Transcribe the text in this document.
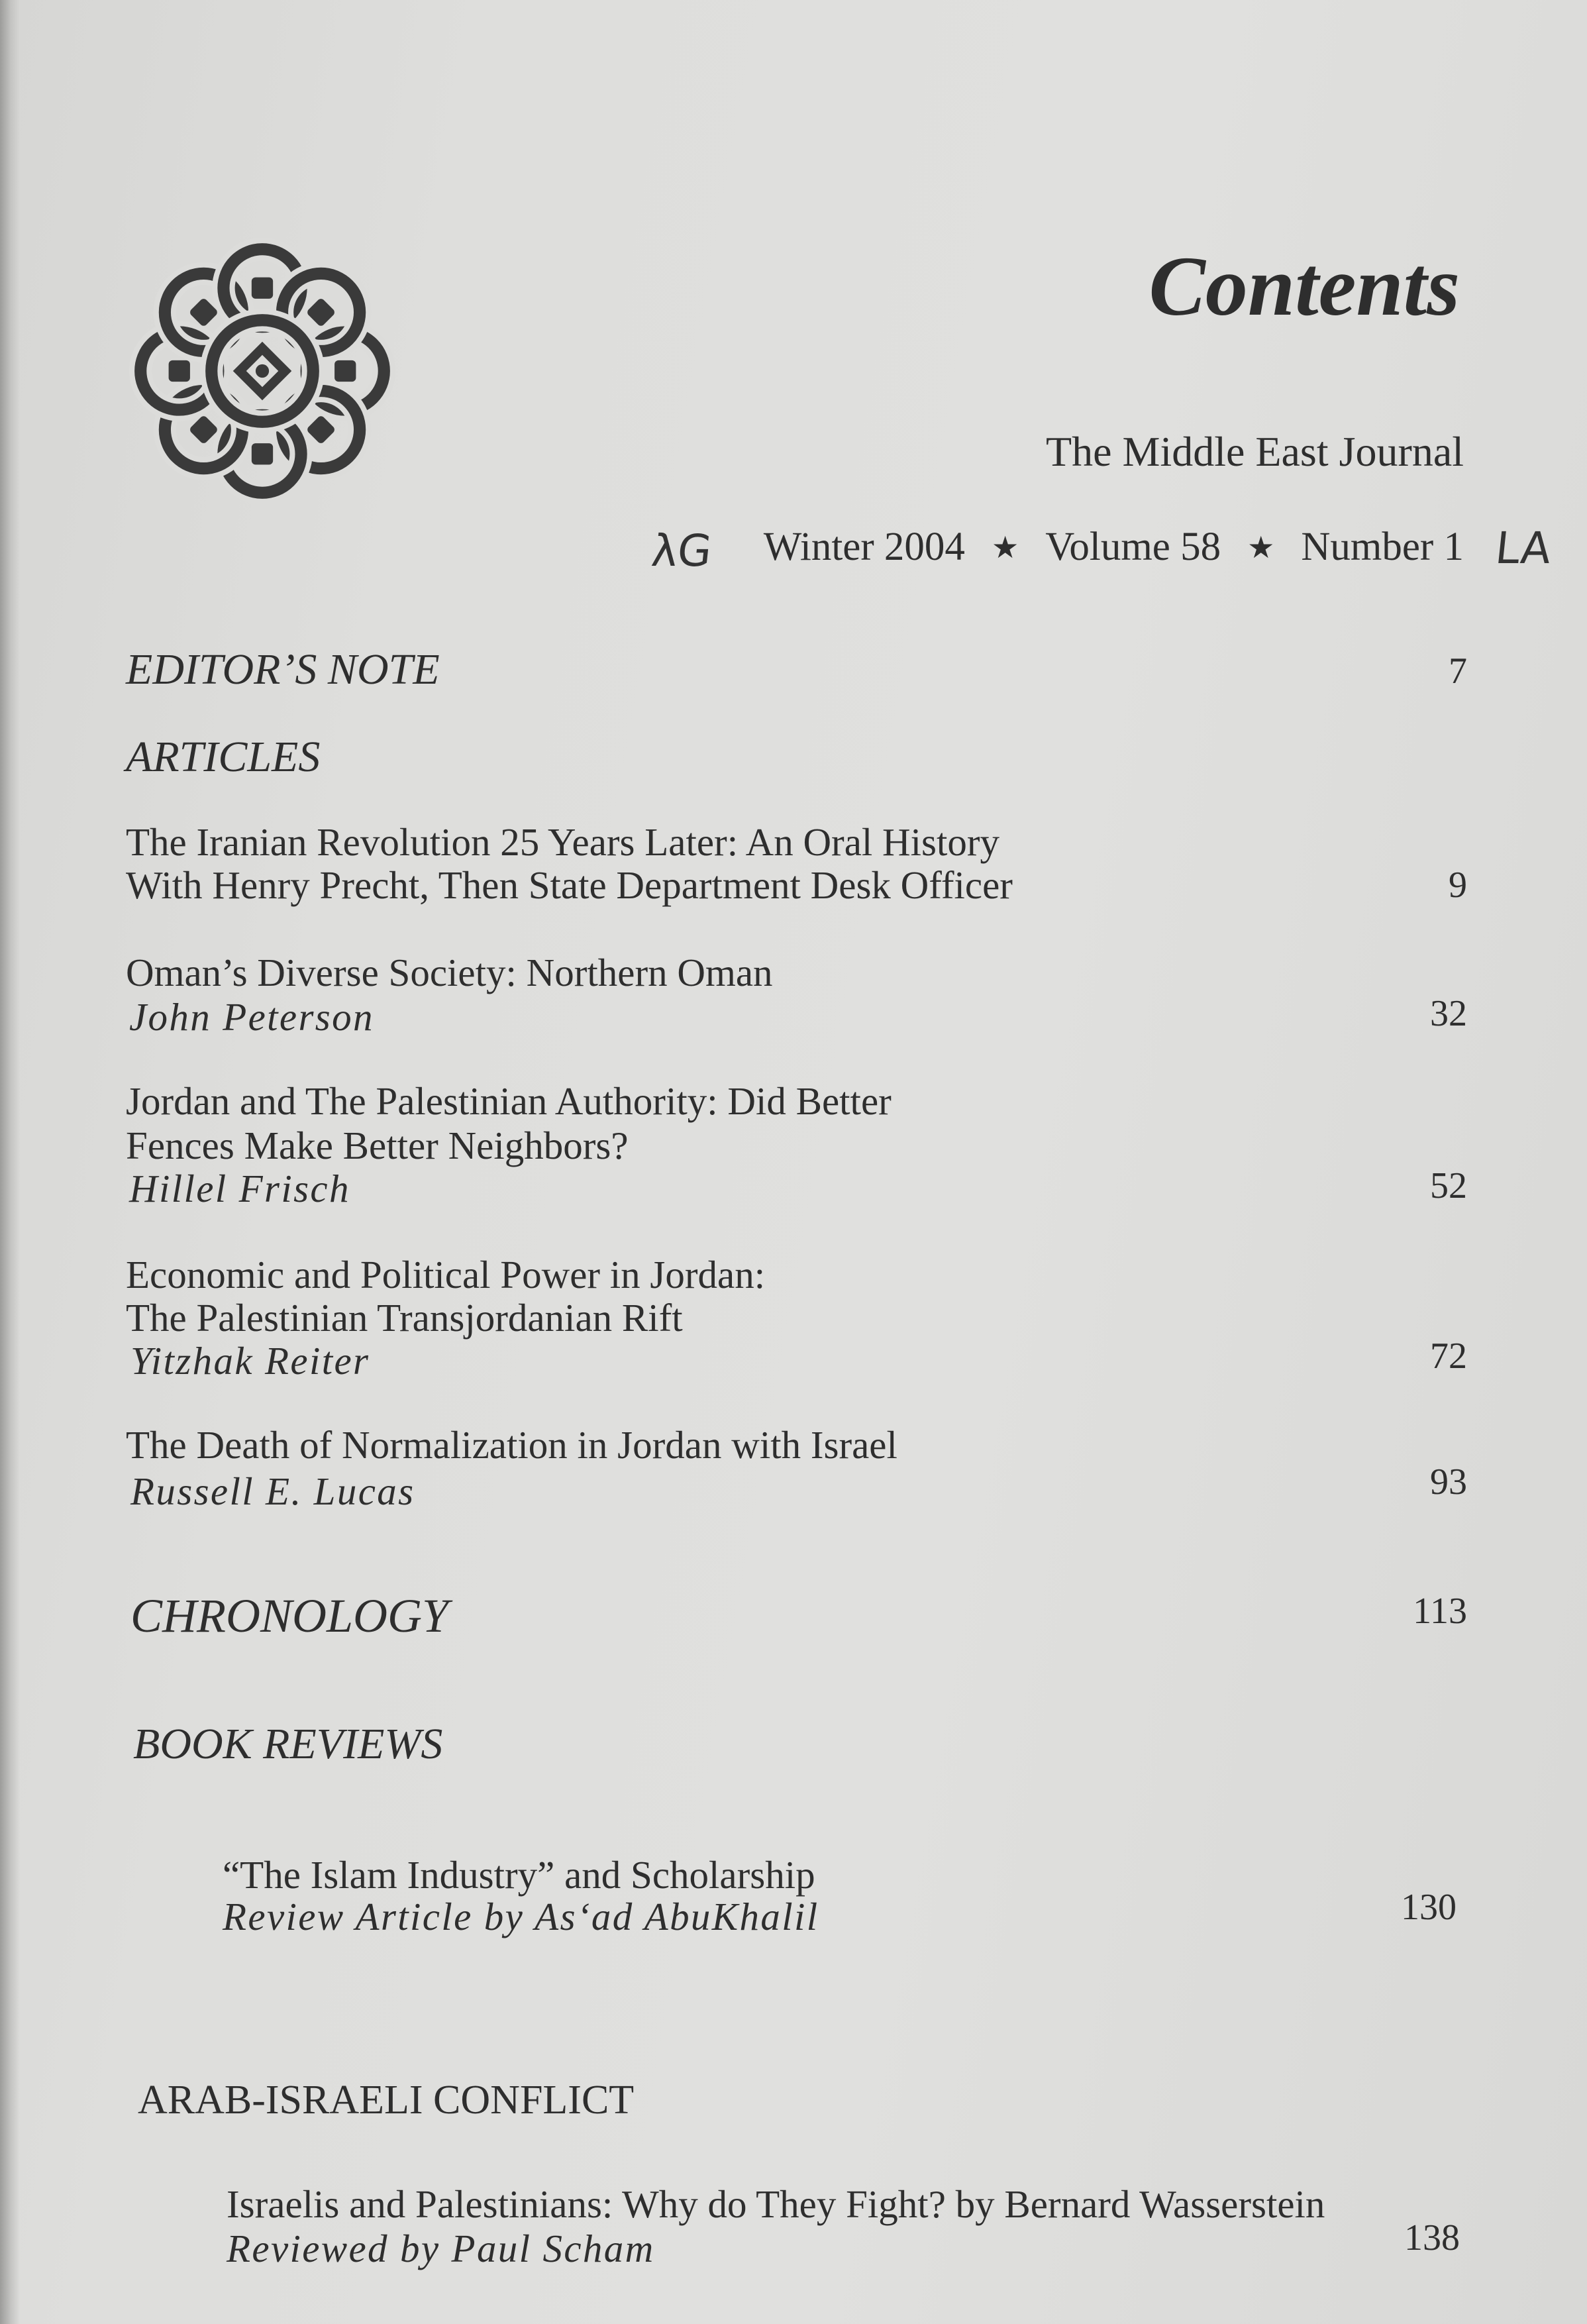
Contents
The Middle East Journal
λG Winter 2004 ★ Volume 58 ★ Number 1 LA
EDITOR’S NOTE	7
ARTICLES
The Iranian Revolution 25 Years Later: An Oral History
With Henry Precht, Then State Department Desk Officer	9
Oman’s Diverse Society: Northern Oman
John Peterson	32
Jordan and The Palestinian Authority: Did Better
Fences Make Better Neighbors?
Hillel Frisch	52
Economic and Political Power in Jordan:
The Palestinian Transjordanian Rift
Yitzhak Reiter	72
The Death of Normalization in Jordan with Israel
Russell E. Lucas	93
CHRONOLOGY	113
BOOK REVIEWS
“The Islam Industry” and Scholarship
Review Article by As‘ad AbuKhalil	130
ARAB-ISRAELI CONFLICT
Israelis and Palestinians: Why do They Fight? by Bernard Wasserstein
Reviewed by Paul Scham	138
